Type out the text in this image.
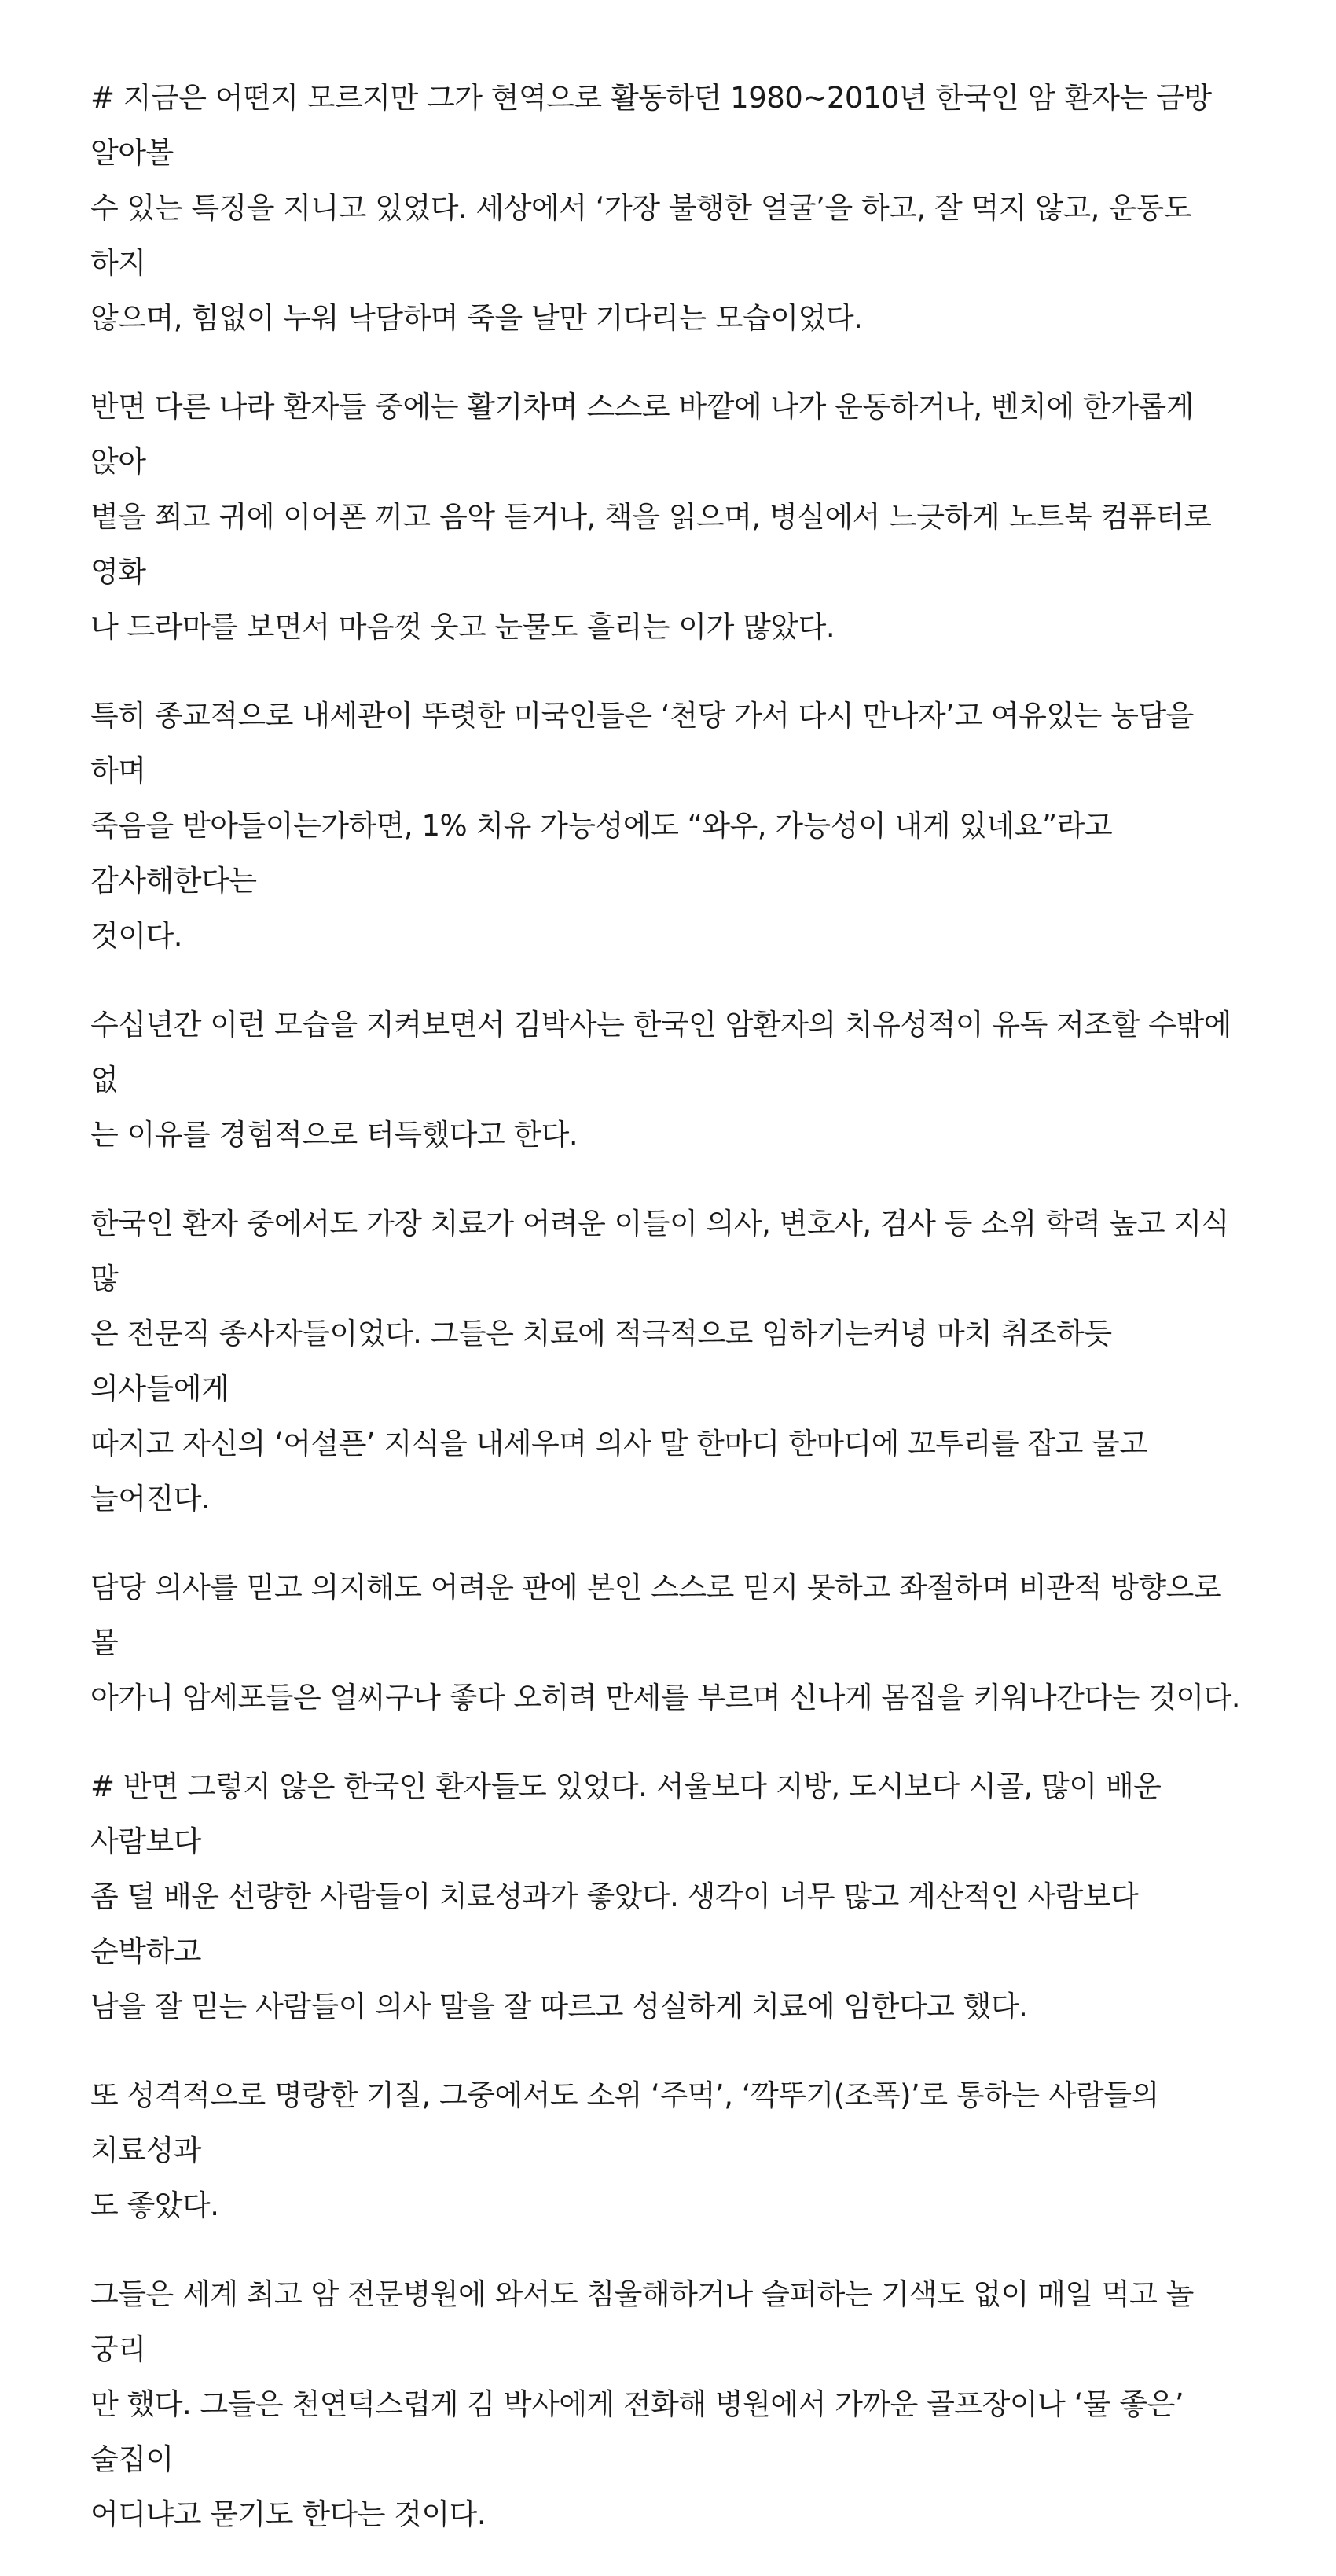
# 지금은 어떤지 모르지만 그가 현역으로 활동하던 1980~2010년 한국인 암 환자는 금방 알아볼
수 있는 특징을 지니고 있었다. 세상에서 ‘가장 불행한 얼굴’을 하고, 잘 먹지 않고, 운동도 하지
않으며, 힘없이 누워 낙담하며 죽을 날만 기다리는 모습이었다.

반면 다른 나라 환자들 중에는 활기차며 스스로 바깥에 나가 운동하거나, 벤치에 한가롭게 앉아
볕을 쬐고 귀에 이어폰 끼고 음악 듣거나, 책을 읽으며, 병실에서 느긋하게 노트북 컴퓨터로 영화
나 드라마를 보면서 마음껏 웃고 눈물도 흘리는 이가 많았다.

특히 종교적으로 내세관이 뚜렷한 미국인들은 ‘천당 가서 다시 만나자’고 여유있는 농담을 하며
죽음을 받아들이는가하면, 1% 치유 가능성에도 “와우, 가능성이 내게 있네요”라고 감사해한다는
것이다.

수십년간 이런 모습을 지켜보면서 김박사는 한국인 암환자의 치유성적이 유독 저조할 수밖에 없
는 이유를 경험적으로 터득했다고 한다.

한국인 환자 중에서도 가장 치료가 어려운 이들이 의사, 변호사, 검사 등 소위 학력 높고 지식 많
은 전문직 종사자들이었다. 그들은 치료에 적극적으로 임하기는커녕 마치 취조하듯 의사들에게
따지고 자신의 ‘어설픈’ 지식을 내세우며 의사 말 한마디 한마디에 꼬투리를 잡고 물고 늘어진다.

담당 의사를 믿고 의지해도 어려운 판에 본인 스스로 믿지 못하고 좌절하며 비관적 방향으로 몰
아가니 암세포들은 얼씨구나 좋다 오히려 만세를 부르며 신나게 몸집을 키워나간다는 것이다.

# 반면 그렇지 않은 한국인 환자들도 있었다. 서울보다 지방, 도시보다 시골, 많이 배운 사람보다
좀 덜 배운 선량한 사람들이 치료성과가 좋았다. 생각이 너무 많고 계산적인 사람보다 순박하고
남을 잘 믿는 사람들이 의사 말을 잘 따르고 성실하게 치료에 임한다고 했다.

또 성격적으로 명랑한 기질, 그중에서도 소위 ‘주먹’, ‘깍뚜기(조폭)’로 통하는 사람들의 치료성과
도 좋았다.

그들은 세계 최고 암 전문병원에 와서도 침울해하거나 슬퍼하는 기색도 없이 매일 먹고 놀 궁리
만 했다. 그들은 천연덕스럽게 김 박사에게 전화해 병원에서 가까운 골프장이나 ‘물 좋은’ 술집이
어디냐고 묻기도 한다는 것이다.
